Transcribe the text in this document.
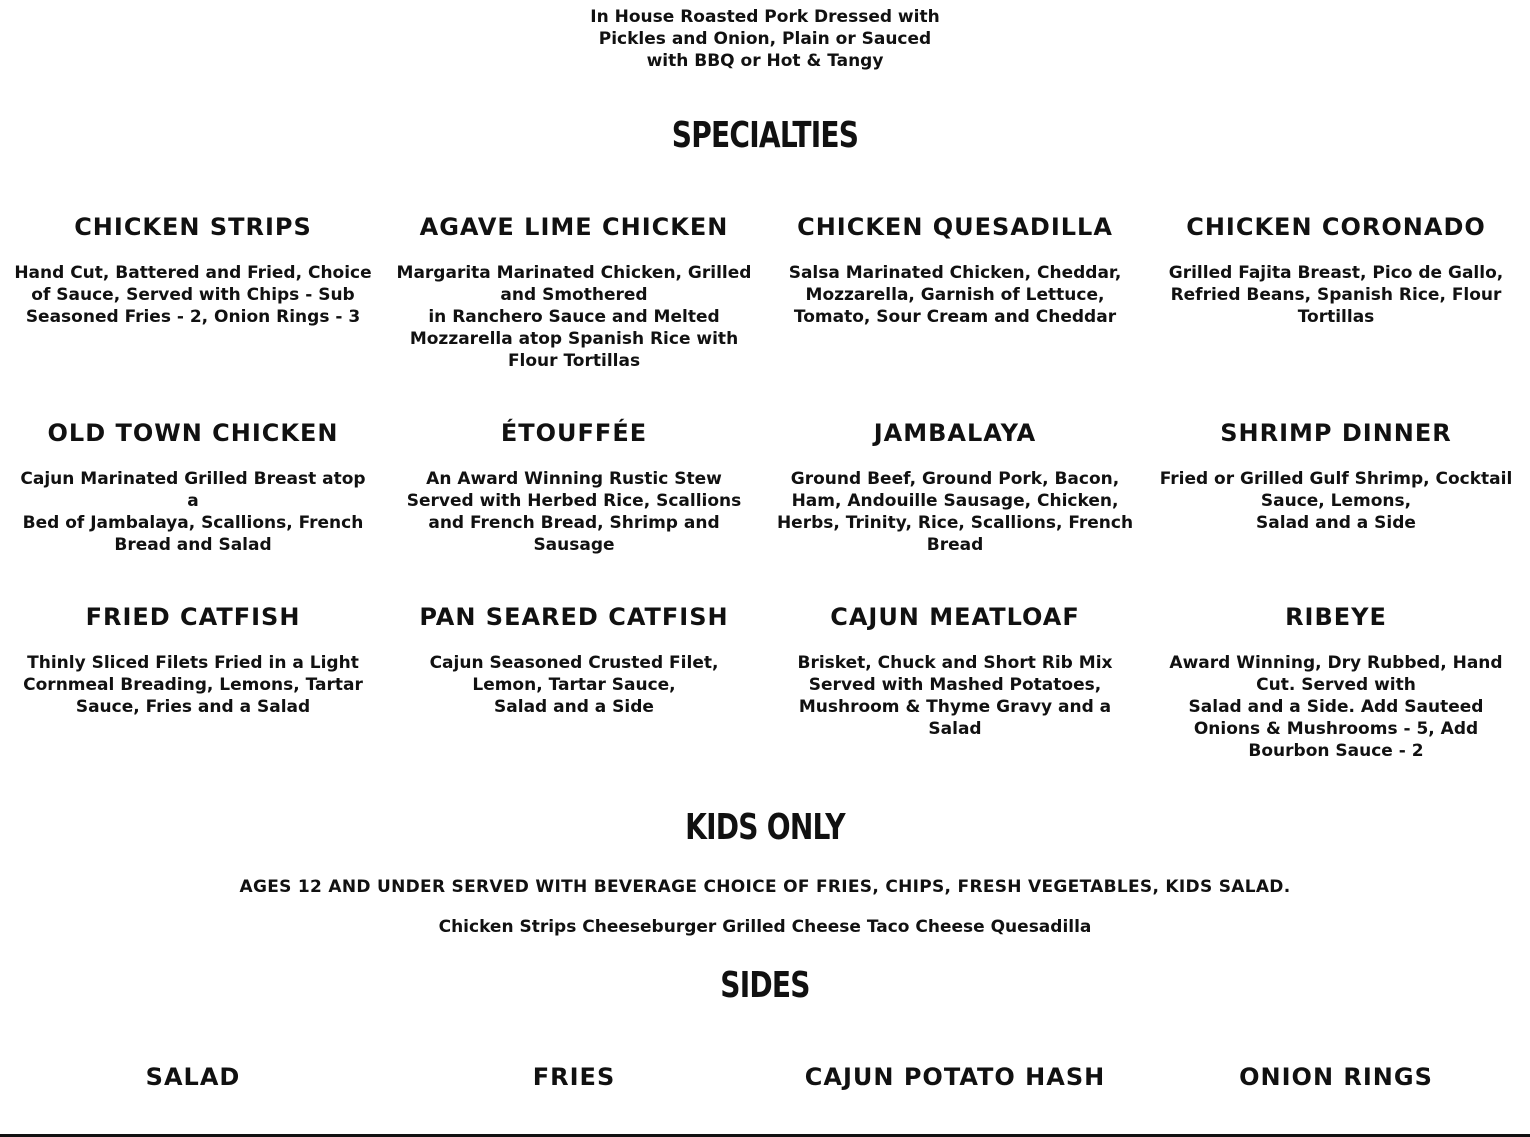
In House Roasted Pork Dressed with
Pickles and Onion, Plain or Sauced
with BBQ or Hot & Tangy
SPECIALTIES
CHICKEN STRIPS
Hand Cut, Battered and Fried, Choice
of Sauce, Served with Chips - Sub
Seasoned Fries - 2, Onion Rings - 3
AGAVE LIME CHICKEN
Margarita Marinated Chicken, Grilled
and Smothered
in Ranchero Sauce and Melted
Mozzarella atop Spanish Rice with
Flour Tortillas
CHICKEN QUESADILLA
Salsa Marinated Chicken, Cheddar,
Mozzarella, Garnish of Lettuce,
Tomato, Sour Cream and Cheddar
CHICKEN CORONADO
Grilled Fajita Breast, Pico de Gallo,
Refried Beans, Spanish Rice, Flour
Tortillas
OLD TOWN CHICKEN
Cajun Marinated Grilled Breast atop a
Bed of Jambalaya, Scallions, French
Bread and Salad
ÉTOUFFÉE
An Award Winning Rustic Stew
Served with Herbed Rice, Scallions
and French Bread, Shrimp and
Sausage
JAMBALAYA
Ground Beef, Ground Pork, Bacon,
Ham, Andouille Sausage, Chicken,
Herbs, Trinity, Rice, Scallions, French
Bread
SHRIMP DINNER
Fried or Grilled Gulf Shrimp, Cocktail
Sauce, Lemons,
Salad and a Side
FRIED CATFISH
Thinly Sliced Filets Fried in a Light
Cornmeal Breading, Lemons, Tartar
Sauce, Fries and a Salad
PAN SEARED CATFISH
Cajun Seasoned Crusted Filet,
Lemon, Tartar Sauce,
Salad and a Side
CAJUN MEATLOAF
Brisket, Chuck and Short Rib Mix
Served with Mashed Potatoes,
Mushroom & Thyme Gravy and a
Salad
RIBEYE
Award Winning, Dry Rubbed, Hand
Cut. Served with
Salad and a Side. Add Sauteed
Onions & Mushrooms - 5, Add
Bourbon Sauce - 2
KIDS ONLY
AGES 12 AND UNDER SERVED WITH BEVERAGE CHOICE OF FRIES, CHIPS, FRESH VEGETABLES, KIDS SALAD.
Chicken Strips Cheeseburger Grilled Cheese Taco Cheese Quesadilla
SIDES
SALAD	FRIES	CAJUN POTATO HASH	ONION RINGS
